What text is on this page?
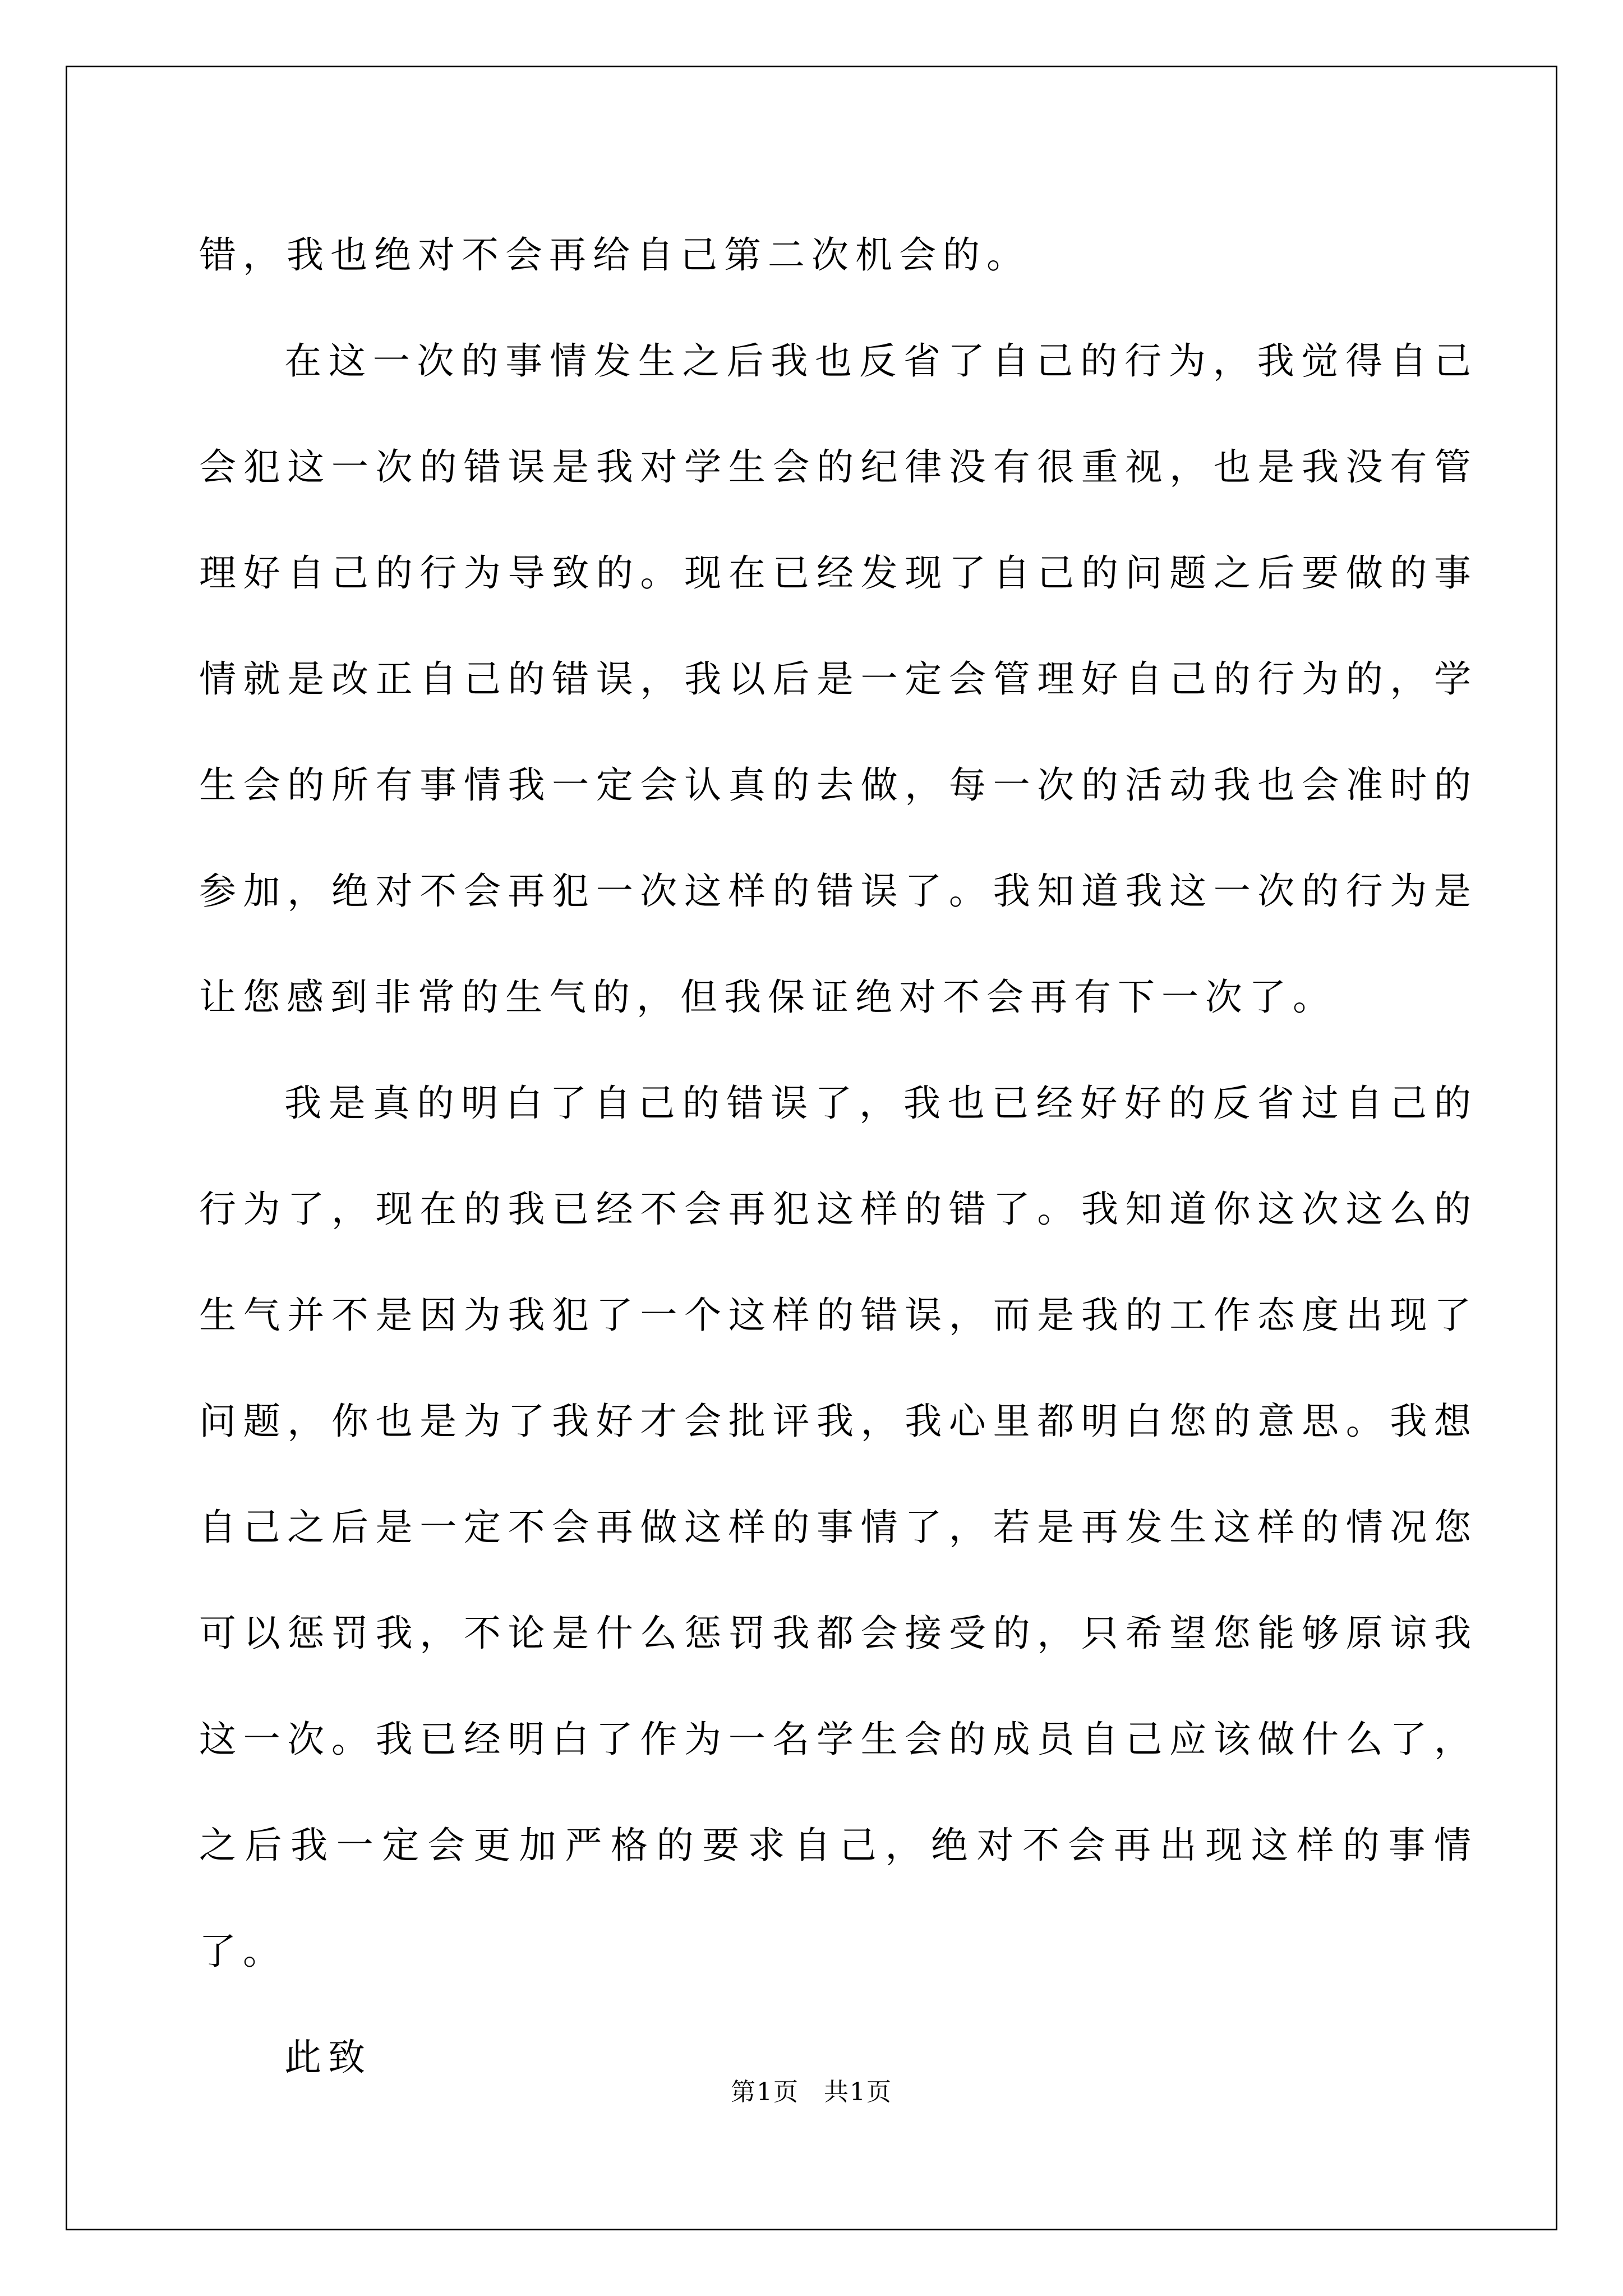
错，我也绝对不会再给自己第二次机会的。

在这一次的事情发生之后我也反省了自己的行为，我觉得自己会犯这一次的错误是我对学生会的纪律没有很重视，也是我没有管理好自己的行为导致的。现在已经发现了自己的问题之后要做的事情就是改正自己的错误，我以后是一定会管理好自己的行为的，学生会的所有事情我一定会认真的去做，每一次的活动我也会准时的参加，绝对不会再犯一次这样的错误了。我知道我这一次的行为是让您感到非常的生气的，但我保证绝对不会再有下一次了。

我是真的明白了自己的错误了，我也已经好好的反省过自己的行为了，现在的我已经不会再犯这样的错了。我知道你这次这么的生气并不是因为我犯了一个这样的错误，而是我的工作态度出现了问题，你也是为了我好才会批评我，我心里都明白您的意思。我想自己之后是一定不会再做这样的事情了，若是再发生这样的情况您可以惩罚我，不论是什么惩罚我都会接受的，只希望您能够原谅我这一次。我已经明白了作为一名学生会的成员自己应该做什么了，之后我一定会更加严格的要求自己，绝对不会再出现这样的事情了。

此致

第1页 共1页
